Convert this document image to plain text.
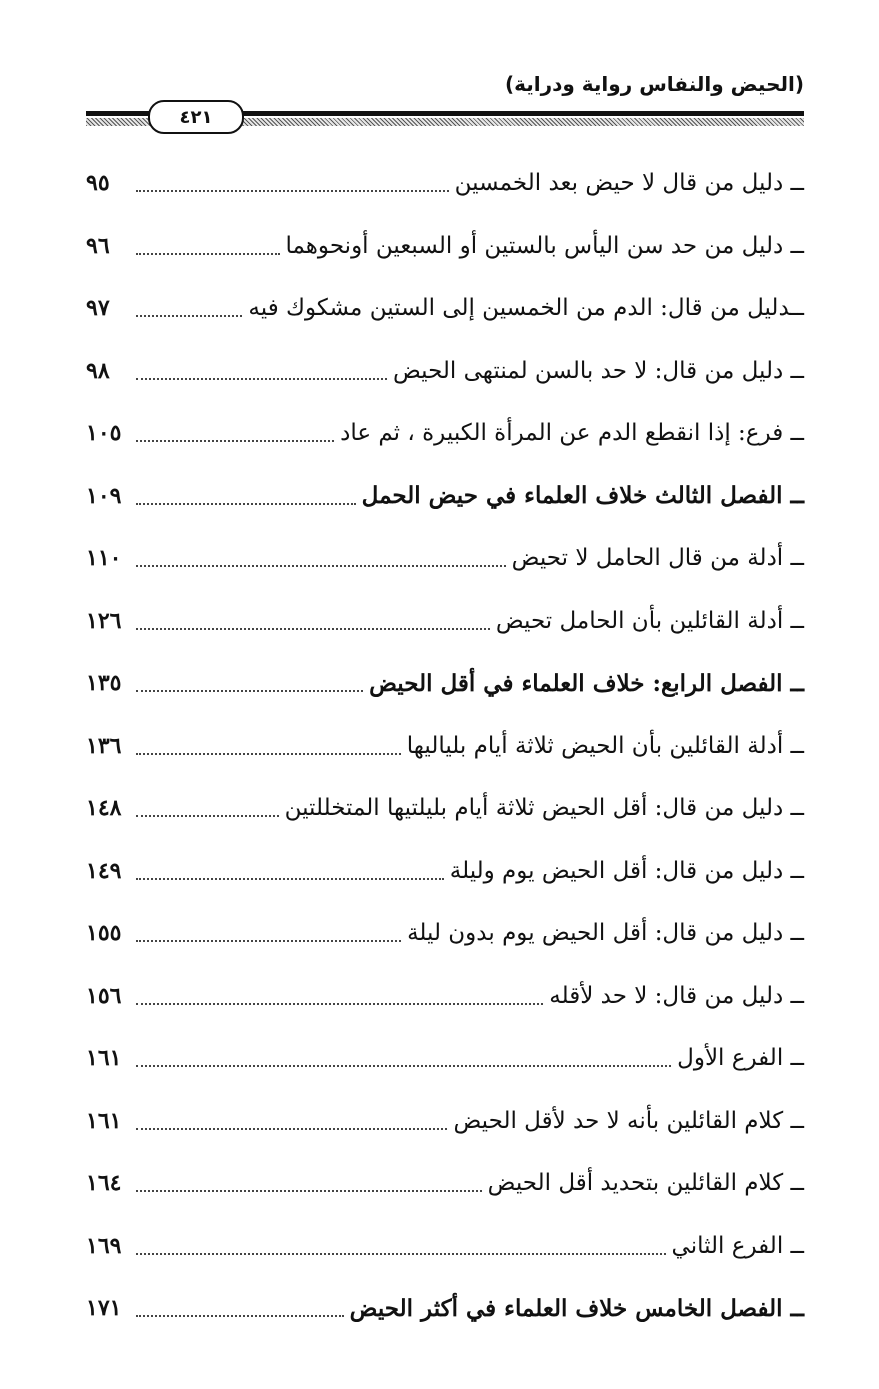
(الحيض والنفاس رواية ودراية)
٤٢١
ــ دليل من قال لا حيض بعد الخمسين
٩٥
ــ دليل من حد سن اليأس بالستين أو السبعين أونحوهما
٩٦
ــدليل من قال: الدم من الخمسين إلى الستين مشكوك فيه
٩٧
ــ دليل من قال: لا حد بالسن لمنتهى الحيض
٩٨
ــ فرع: إذا انقطع الدم عن المرأة الكبيرة ، ثم عاد
١٠٥
ــ الفصل الثالث خلاف العلماء في حيض الحمل
١٠٩
ــ أدلة من قال الحامل لا تحيض
١١٠
ــ أدلة القائلين بأن الحامل تحيض
١٢٦
ــ الفصل الرابع: خلاف العلماء في أقل الحيض
١٣٥
ــ أدلة القائلين بأن الحيض ثلاثة أيام بلياليها
١٣٦
ــ دليل من قال: أقل الحيض ثلاثة أيام بليلتيها المتخللتين
١٤٨
ــ دليل من قال: أقل الحيض يوم وليلة
١٤٩
ــ دليل من قال: أقل الحيض يوم بدون ليلة
١٥٥
ــ دليل من قال: لا حد لأقله
١٥٦
ــ الفرع الأول
١٦١
ــ كلام القائلين بأنه لا حد لأقل الحيض
١٦١
ــ كلام القائلين بتحديد أقل الحيض
١٦٤
ــ الفرع الثاني
١٦٩
ــ الفصل الخامس خلاف العلماء في أكثر الحيض
١٧١
